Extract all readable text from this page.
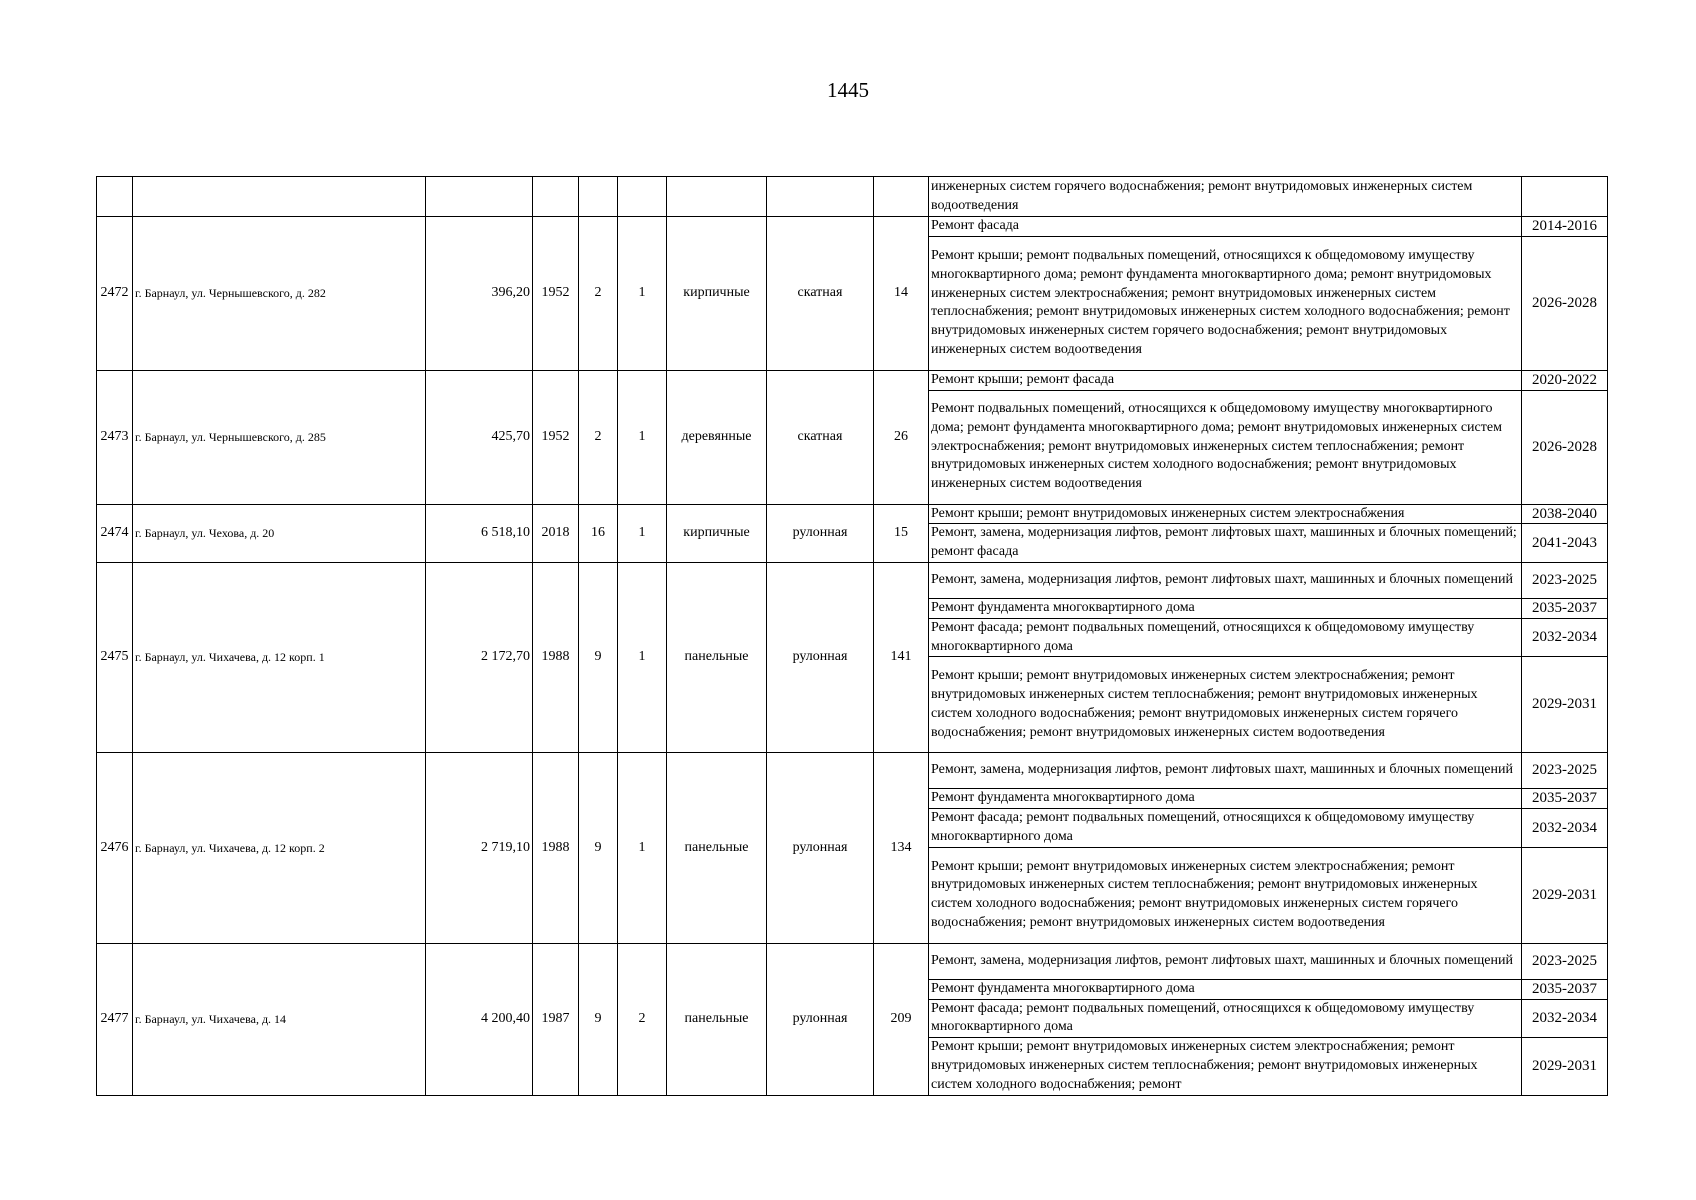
1445
									инженерных систем горячего водоснабжения; ремонт внутридомовых инженерных систем водоотведения	
2472	г. Барнаул, ул. Чернышевского, д. 282	396,20	1952	2	1	кирпичные	скатная	14	Ремонт фасада	2014-2016
									Ремонт крыши; ремонт подвальных помещений, относящихся к общедомовому имуществу многоквартирного дома; ремонт фундамента многоквартирного дома; ремонт внутридомовых инженерных систем электроснабжения; ремонт внутридомовых инженерных систем теплоснабжения; ремонт внутридомовых инженерных систем холодного водоснабжения; ремонт внутридомовых инженерных систем горячего водоснабжения; ремонт внутридомовых инженерных систем водоотведения	2026-2028
2473	г. Барнаул, ул. Чернышевского, д. 285	425,70	1952	2	1	деревянные	скатная	26	Ремонт крыши; ремонт фасада	2020-2022
									Ремонт подвальных помещений, относящихся к общедомовому имуществу многоквартирного дома; ремонт фундамента многоквартирного дома; ремонт внутридомовых инженерных систем электроснабжения; ремонт внутридомовых инженерных систем теплоснабжения; ремонт внутридомовых инженерных систем холодного водоснабжения; ремонт внутридомовых инженерных систем водоотведения	2026-2028
2474	г. Барнаул, ул. Чехова, д. 20	6 518,10	2018	16	1	кирпичные	рулонная	15	Ремонт крыши; ремонт внутридомовых инженерных систем электроснабжения	2038-2040
									Ремонт, замена, модернизация лифтов, ремонт лифтовых шахт, машинных и блочных помещений; ремонт фасада	2041-2043
2475	г. Барнаул, ул. Чихачева, д. 12 корп. 1	2 172,70	1988	9	1	панельные	рулонная	141	Ремонт, замена, модернизация лифтов, ремонт лифтовых шахт, машинных и блочных помещений	2023-2025
									Ремонт фундамента многоквартирного дома	2035-2037
									Ремонт фасада; ремонт подвальных помещений, относящихся к общедомовому имуществу многоквартирного дома	2032-2034
									Ремонт крыши; ремонт внутридомовых инженерных систем электроснабжения; ремонт внутридомовых инженерных систем теплоснабжения; ремонт внутридомовых инженерных систем холодного водоснабжения; ремонт внутридомовых инженерных систем горячего водоснабжения; ремонт внутридомовых инженерных систем водоотведения	2029-2031
2476	г. Барнаул, ул. Чихачева, д. 12 корп. 2	2 719,10	1988	9	1	панельные	рулонная	134	Ремонт, замена, модернизация лифтов, ремонт лифтовых шахт, машинных и блочных помещений	2023-2025
									Ремонт фундамента многоквартирного дома	2035-2037
									Ремонт фасада; ремонт подвальных помещений, относящихся к общедомовому имуществу многоквартирного дома	2032-2034
									Ремонт крыши; ремонт внутридомовых инженерных систем электроснабжения; ремонт внутридомовых инженерных систем теплоснабжения; ремонт внутридомовых инженерных систем холодного водоснабжения; ремонт внутридомовых инженерных систем горячего водоснабжения; ремонт внутридомовых инженерных систем водоотведения	2029-2031
2477	г. Барнаул, ул. Чихачева, д. 14	4 200,40	1987	9	2	панельные	рулонная	209	Ремонт, замена, модернизация лифтов, ремонт лифтовых шахт, машинных и блочных помещений	2023-2025
									Ремонт фундамента многоквартирного дома	2035-2037
									Ремонт фасада; ремонт подвальных помещений, относящихся к общедомовому имуществу многоквартирного дома	2032-2034
									Ремонт крыши; ремонт внутридомовых инженерных систем электроснабжения; ремонт внутридомовых инженерных систем теплоснабжения; ремонт внутридомовых инженерных систем холодного водоснабжения; ремонт	2029-2031
